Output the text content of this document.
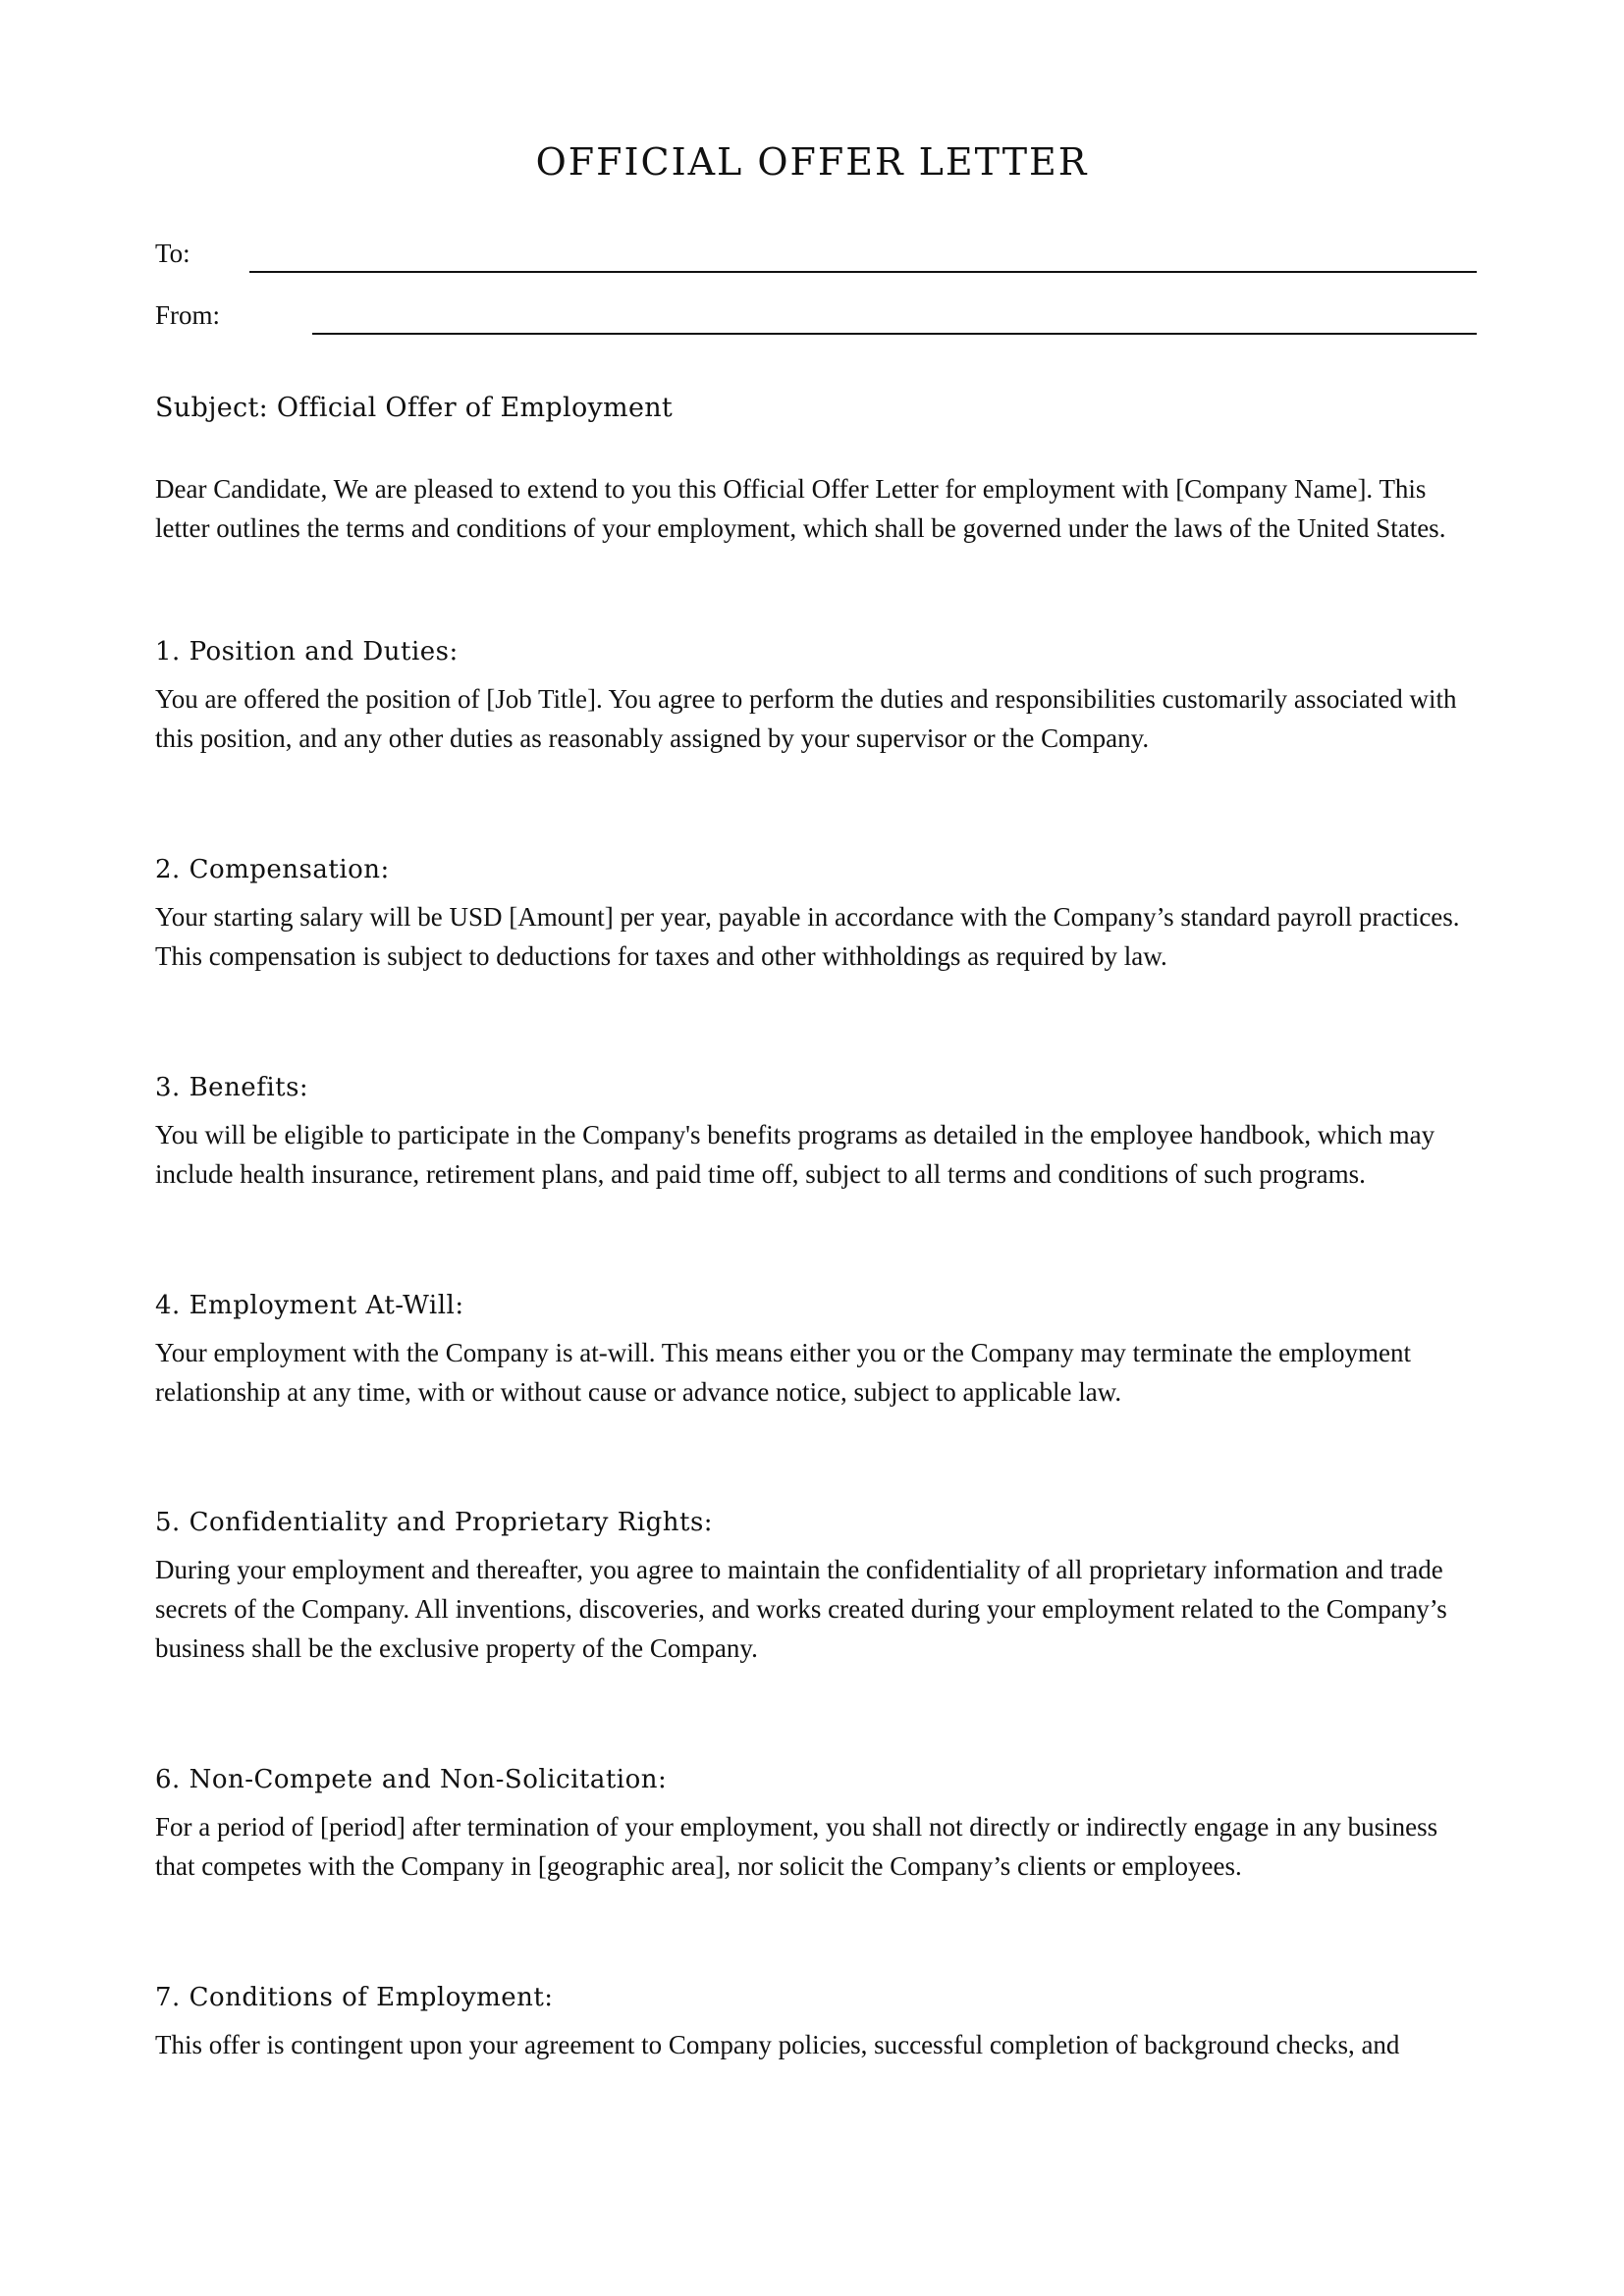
OFFICIAL OFFER LETTER
To:
From:
Subject: Official Offer of Employment

Dear Candidate, We are pleased to extend to you this Official Offer Letter for employment with [Company Name]. This letter outlines the terms and conditions of your employment, which shall be governed under the laws of the United States.

1. Position and Duties:

You are offered the position of [Job Title]. You agree to perform the duties and responsibilities customarily associated with this position, and any other duties as reasonably assigned by your supervisor or the Company.

2. Compensation:

Your starting salary will be USD [Amount] per year, payable in accordance with the Company’s standard payroll practices. This compensation is subject to deductions for taxes and other withholdings as required by law.

3. Benefits:

You will be eligible to participate in the Company's benefits programs as detailed in the employee handbook, which may include health insurance, retirement plans, and paid time off, subject to all terms and conditions of such programs.

4. Employment At-Will:

Your employment with the Company is at-will. This means either you or the Company may terminate the employment relationship at any time, with or without cause or advance notice, subject to applicable law.

5. Confidentiality and Proprietary Rights:

During your employment and thereafter, you agree to maintain the confidentiality of all proprietary information and trade secrets of the Company. All inventions, discoveries, and works created during your employment related to the Company’s business shall be the exclusive property of the Company.

6. Non-Compete and Non-Solicitation:

For a period of [period] after termination of your employment, you shall not directly or indirectly engage in any business that competes with the Company in [geographic area], nor solicit the Company’s clients or employees.

7. Conditions of Employment:

This offer is contingent upon your agreement to Company policies, successful completion of background checks, and
